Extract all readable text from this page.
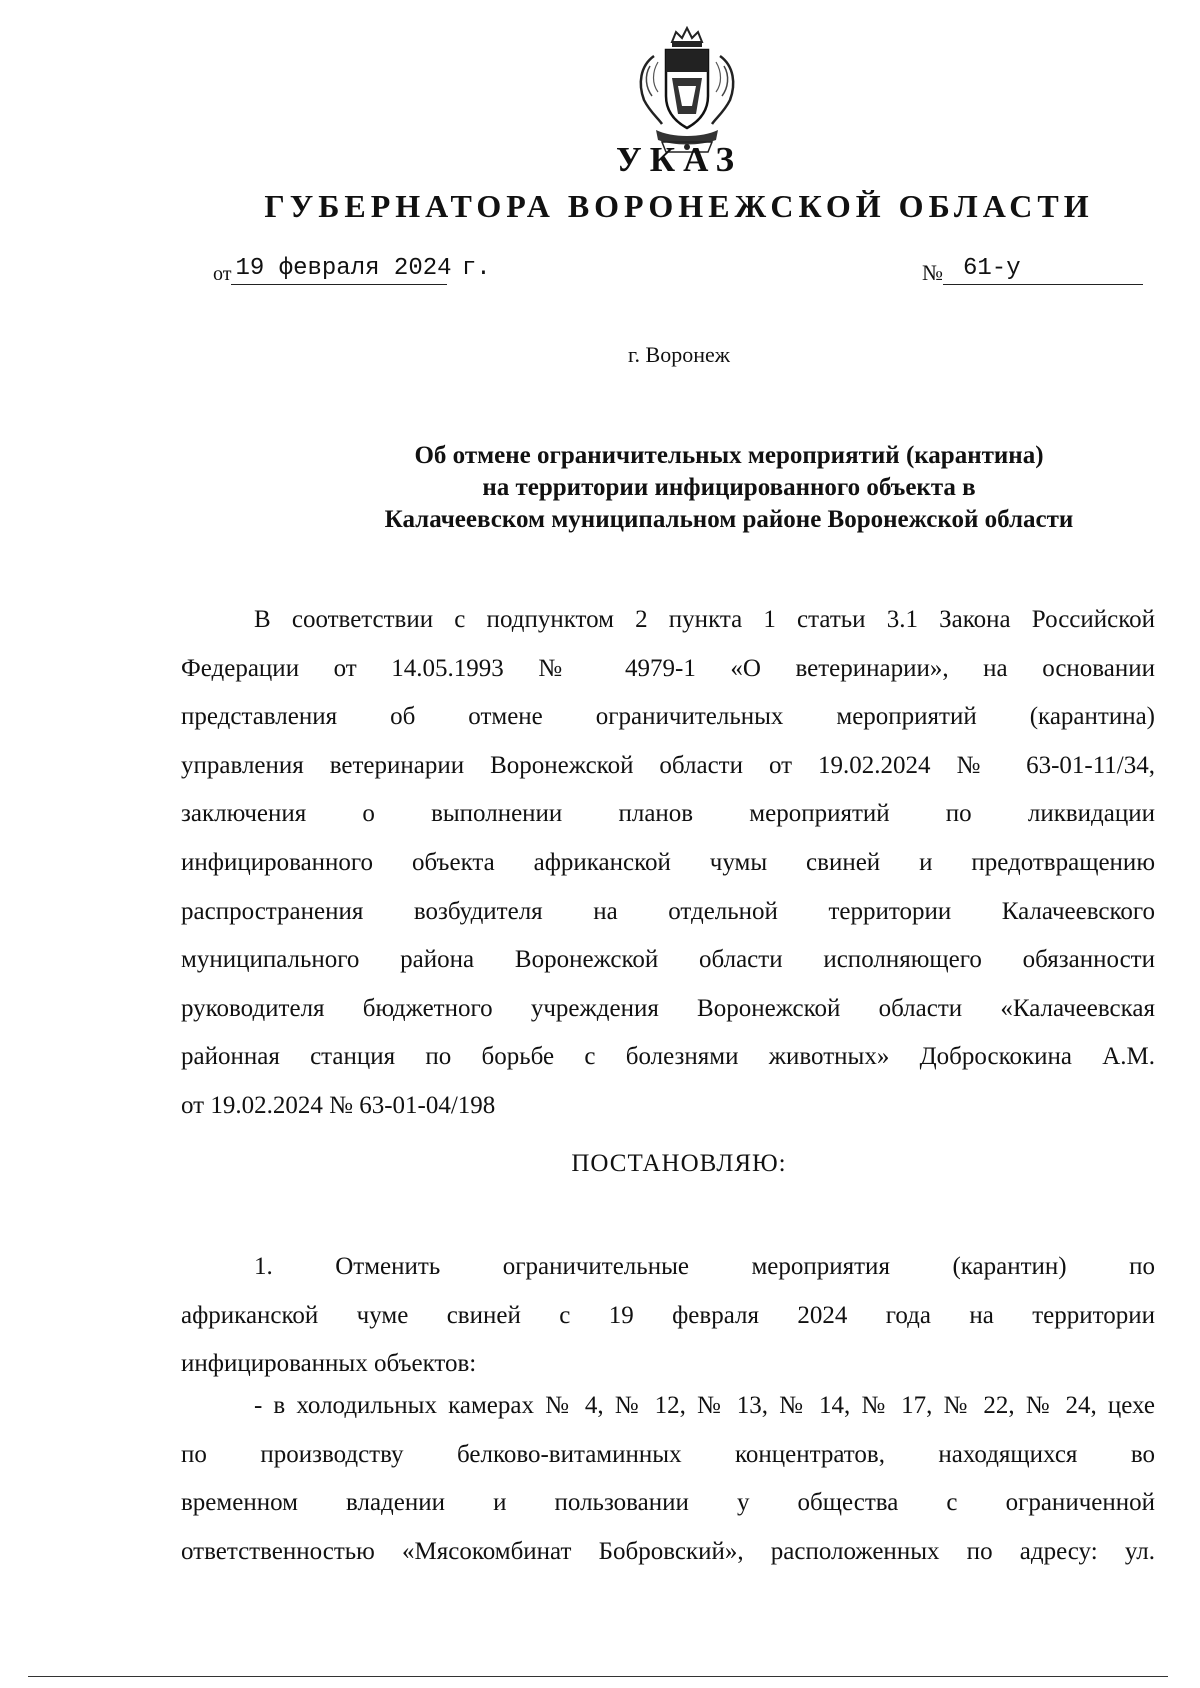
УКАЗ
ГУБЕРНАТОРА ВОРОНЕЖСКОЙ ОБЛАСТИ
от 19 февраля 2024 г.	№ 61-у
г. Воронеж
Об отмене ограничительных мероприятий (карантина)
на территории инфицированного объекта в
Калачеевском муниципальном районе Воронежской области
В соответствии с подпунктом 2 пункта 1 статьи 3.1 Закона Российской
Федерации от 14.05.1993 № 4979-1 «О ветеринарии», на основании
представления об отмене ограничительных мероприятий (карантина)
управления ветеринарии Воронежской области от 19.02.2024 № 63-01-11/34,
заключения о выполнении планов мероприятий по ликвидации
инфицированного объекта африканской чумы свиней и предотвращению
распространения возбудителя на отдельной территории Калачеевского
муниципального района Воронежской области исполняющего обязанности
руководителя бюджетного учреждения Воронежской области «Калачеевская
районная станция по борьбе с болезнями животных» Доброскокина А.М.
от 19.02.2024 № 63-01-04/198
ПОСТАНОВЛЯЮ:
1. Отменить ограничительные мероприятия (карантин) по
африканской чуме свиней с 19 февраля 2024 года на территории
инфицированных объектов:
- в холодильных камерах № 4, № 12, № 13, № 14, № 17, № 22, № 24, цехе
по производству белково-витаминных концентратов, находящихся во
временном владении и пользовании у общества с ограниченной
ответственностью «Мясокомбинат Бобровский», расположенных по адресу: ул.
